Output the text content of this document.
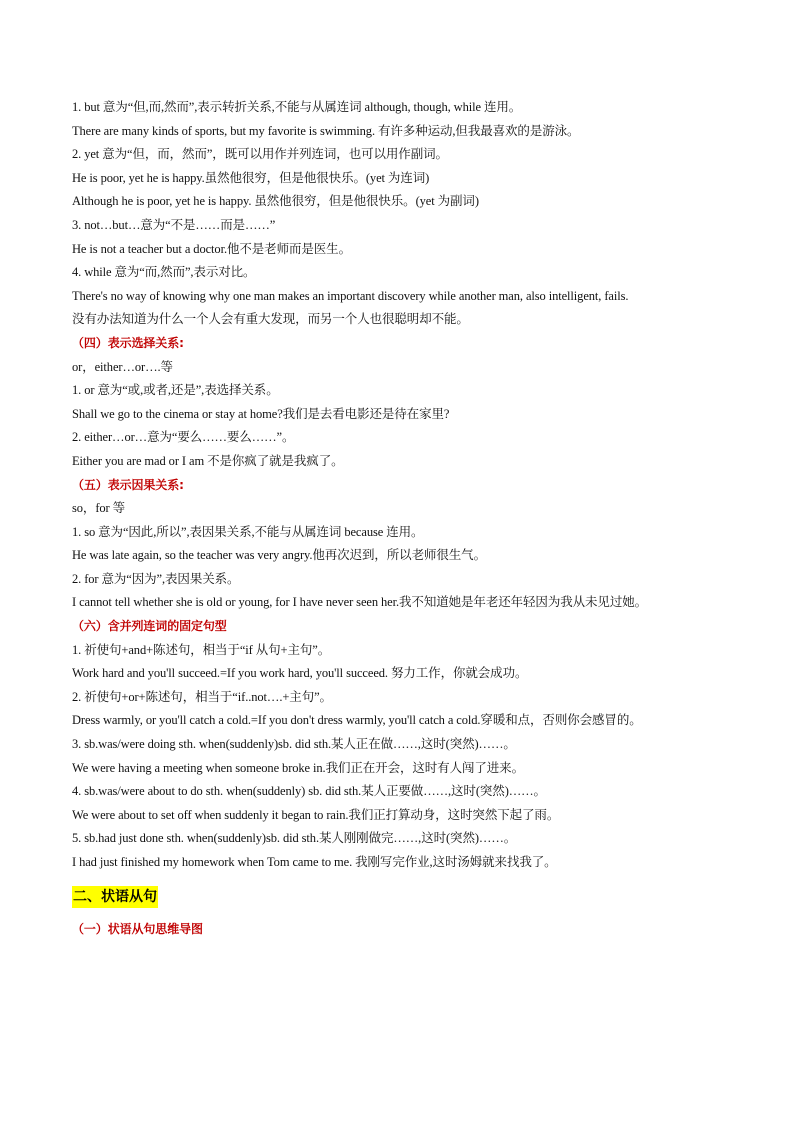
1. but 意为“但,而,然而”,表示转折关系,不能与从属连词 although, though, while 连用。
There are many kinds of sports, but my favorite is swimming. 有许多种运动,但我最喜欢的是游泳。
2. yet 意为“但，而，然而”，既可以用作并列连词，也可以用作副词。
He is poor, yet he is happy.虽然他很穷，但是他很快乐。(yet 为连词)
Although he is poor, yet he is happy. 虽然他很穷，但是他很快乐。(yet 为副词)
3. not…but…意为“不是……而是……”
He is not a teacher but a doctor.他不是老师而是医生。
4. while 意为“而,然而”,表示对比。
There's no way of knowing why one man makes an important discovery while another man, also intelligent, fails.
没有办法知道为什么一个人会有重大发现，而另一个人也很聪明却不能。
（四）表示选择关系:
or，either…or….等
1. or 意为“或,或者,还是”,表选择关系。
Shall we go to the cinema or stay at home?我们是去看电影还是待在家里?
2. either…or…意为“要么……要么……”。
Either you are mad or I am 不是你疯了就是我疯了。
（五）表示因果关系:
so，for 等
1. so 意为“因此,所以”,表因果关系,不能与从属连词 because 连用。
He was late again, so the teacher was very angry.他再次迟到，所以老师很生气。
2. for 意为“因为”,表因果关系。
I cannot tell whether she is old or young, for I have never seen her.我不知道她是年老还年轻因为我从未见过她。
（六）含并列连词的固定句型
1. 祈使句+and+陈述句，相当于“if 从句+主句”。
Work hard and you'll succeed.=If you work hard, you'll succeed. 努力工作，你就会成功。
2. 祈使句+or+陈述句，相当于“if..not….+主句”。
Dress warmly, or you'll catch a cold.=If you don't dress warmly, you'll catch a cold.穿暖和点，否则你会感冒的。
3. sb.was/were doing sth. when(suddenly)sb. did sth.某人正在做……,这时(突然)……。
We were having a meeting when someone broke in.我们正在开会，这时有人闯了进来。
4. sb.was/were about to do sth. when(suddenly) sb. did sth.某人正要做……,这时(突然)……。
We were about to set off when suddenly it began to rain.我们正打算动身，这时突然下起了雨。
5. sb.had just done sth. when(suddenly)sb. did sth.某人刚刚做完……,这时(突然)……。
I had just finished my homework when Tom came to me. 我刚写完作业,这时汤姆就来找我了。
二、状语从句
（一）状语从句思维导图
